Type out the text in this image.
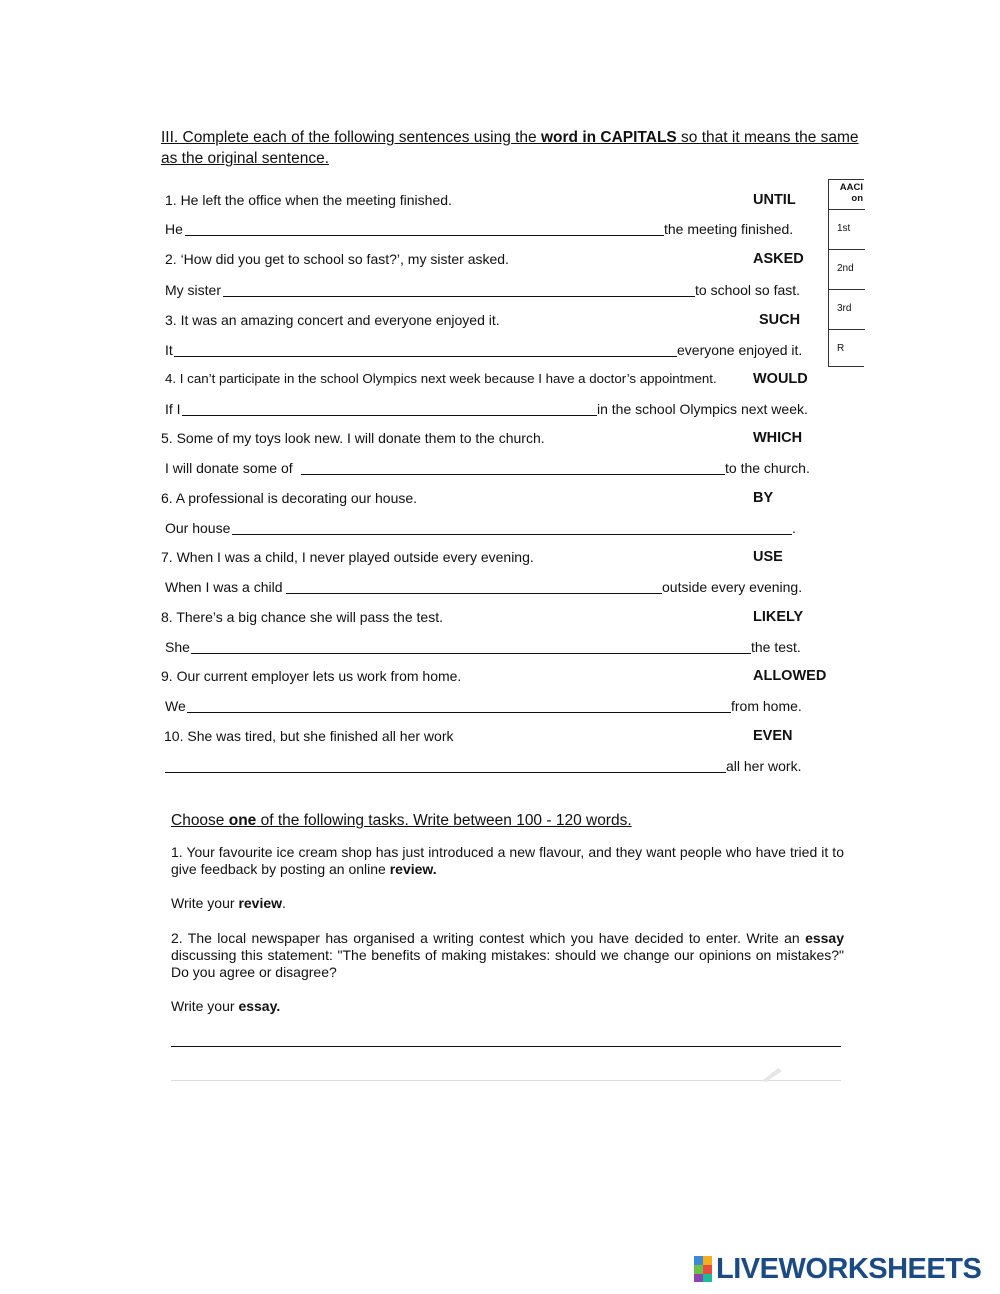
III. Complete each of the following sentences using the word in CAPITALS so that it means the same as the original sentence.
1. He left the office when the meeting finished.	UNTIL
He	the meeting finished.
2. ‘How did you get to school so fast?’, my sister asked.	ASKED
My sister	to school so fast.
3. It was an amazing concert and everyone enjoyed it.	SUCH
It	everyone enjoyed it.
4. I can’t participate in the school Olympics next week because I have a doctor’s appointment.	WOULD
If I	in the school Olympics next week.
5. Some of my toys look new. I will donate them to the church.	WHICH
I will donate some of	to the church.
6. A professional is decorating our house.	BY
Our house	.
7. When I was a child, I never played outside every evening.	USE
When I was a child	outside every evening.
8. There’s a big chance she will pass the test.	LIKELY
She	the test.
9. Our current employer lets us work from home.	ALLOWED
We	from home.
10. She was tired, but she finished all her work	EVEN
all her work.
AACI
on
1st
2nd
3rd
R
Choose one of the following tasks. Write between 100 - 120 words.
1. Your favourite ice cream shop has just introduced a new flavour, and they want people who have tried it to give feedback by posting an online review.
Write your review.
2. The local newspaper has organised a writing contest which you have decided to enter. Write an essay discussing this statement: "The benefits of making mistakes: should we change our opinions on mistakes?" Do you agree or disagree?
Write your essay.
LIVEWORKSHEETS
